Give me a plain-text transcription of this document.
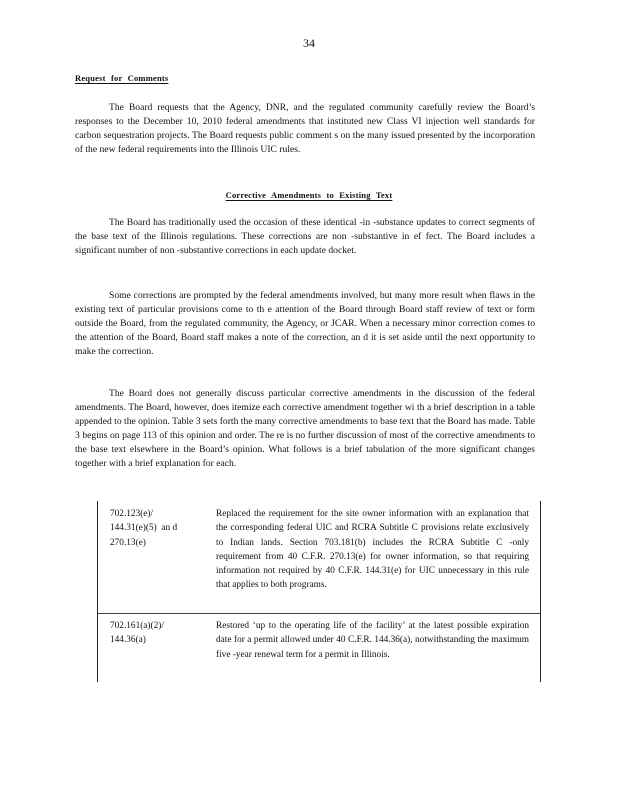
34
Request for Comments

The Board requests that the Agency, DNR, and the regulated community carefully review the Board’s responses to the December 10, 2010 federal amendments that instituted new Class VI injection well standards for carbon sequestration projects. The Board requests public comment s on the many issued presented by the incorporation of the new federal requirements into the Illinois UIC rules.

Corrective Amendments to Existing Text

The Board has traditionally used the occasion of these identical -in -substance updates to correct segments of the base text of the Illinois regulations. These corrections are non -substantive in ef fect. The Board includes a significant number of non -substantive corrections in each update docket.

Some corrections are prompted by the federal amendments involved, but many more result when flaws in the existing text of particular provisions come to th e attention of the Board through Board staff review of text or form outside the Board, from the regulated community, the Agency, or JCAR. When a necessary minor correction comes to the attention of the Board, Board staff makes a note of the correction, an d it is set aside until the next opportunity to make the correction.

The Board does not generally discuss particular corrective amendments in the discussion of the federal amendments. The Board, however, does itemize each corrective amendment together wi th a brief description in a table appended to the opinion. Table 3 sets forth the many corrective amendments to base text that the Board has made. Table 3 begins on page 113 of this opinion and order. The re is no further discussion of most of the corrective amendments to the base text elsewhere in the Board’s opinion. What follows is a brief tabulation of the more significant changes together with a brief explanation for each.

702.123(e)/
144.31(e)(5)  an d
270.13(e)
Replaced the requirement for the site owner information with an explanation that the corresponding federal UIC and RCRA Subtitle C provisions relate exclusively to Indian lands. Section 703.181(b) includes the RCRA Subtitle C -only requirement from 40 C.F.R. 270.13(e) for owner information, so that requiring information not required by 40 C.F.R. 144.31(e) for UIC unnecessary in this rule that applies to both programs.
702.161(a)(2)/
144.36(a)
Restored ‘up to the operating life of the facility’ at the latest possible expiration date for a permit allowed under 40 C.F.R. 144.36(a), notwithstanding the maximum five -year renewal term for a permit in Illinois.
